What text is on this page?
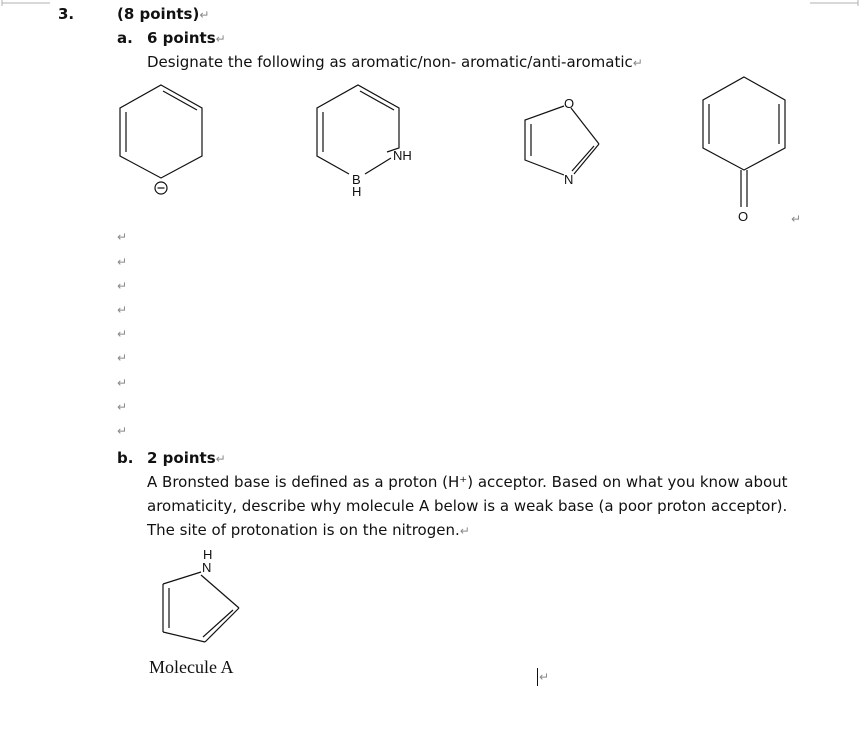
3.	(8 points)↵
a. 6 points↵
Designate the following as aromatic/non- aromatic/anti-aromatic↵
NH
B
H
O
N
O	↵
↵
↵
↵
↵
↵
↵
↵
↵
↵
b. 2 points↵
A Bronsted base is defined as a proton (H⁺) acceptor. Based on what you know about
aromaticity, describe why molecule A below is a weak base (a poor proton acceptor).
The site of protonation is on the nitrogen.↵
H
N
Molecule A	↵
